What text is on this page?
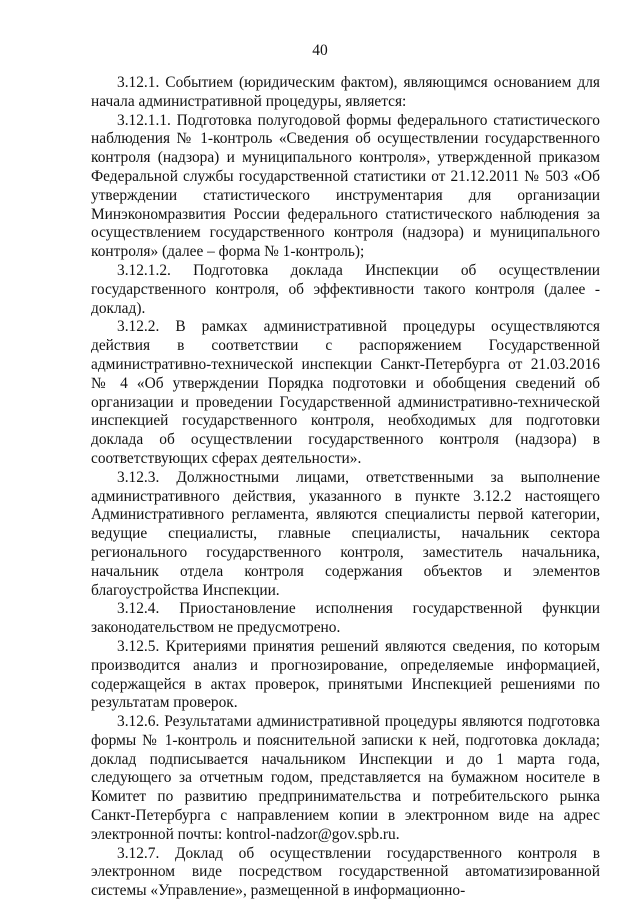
40

3.12.1. Событием (юридическим фактом), являющимся основанием для начала административной процедуры, является:

3.12.1.1. Подготовка полугодовой формы федерального статистического наблюдения № 1-контроль «Сведения об осуществлении государственного контроля (надзора) и муниципального контроля», утвержденной приказом Федеральной службы государственной статистики от 21.12.2011 № 503 «Об утверждении статистического инструментария для организации Минэкономразвития России федерального статистического наблюдения за осуществлением государственного контроля (надзора) и муниципального контроля» (далее – форма № 1-контроль);

3.12.1.2. Подготовка доклада Инспекции об осуществлении государственного контроля, об эффективности такого контроля (далее - доклад).

3.12.2. В рамках административной процедуры осуществляются действия в соответствии с распоряжением Государственной административно-технической инспекции Санкт-Петербурга от 21.03.2016 № 4 «Об утверждении Порядка подготовки и обобщения сведений об организации и проведении Государственной административно-технической инспекцией государственного контроля, необходимых для подготовки доклада об осуществлении государственного контроля (надзора) в соответствующих сферах деятельности».

3.12.3. Должностными лицами, ответственными за выполнение административного действия, указанного в пункте 3.12.2 настоящего Административного регламента, являются специалисты первой категории, ведущие специалисты, главные специалисты, начальник сектора регионального государственного контроля, заместитель начальника, начальник отдела контроля содержания объектов и элементов благоустройства Инспекции.

3.12.4. Приостановление исполнения государственной функции законодательством не предусмотрено.

3.12.5. Критериями принятия решений являются сведения, по которым производится анализ и прогнозирование, определяемые информацией, содержащейся в актах проверок, принятыми Инспекцией решениями по результатам проверок.

3.12.6. Результатами административной процедуры являются подготовка формы № 1-контроль и пояснительной записки к ней, подготовка доклада; доклад подписывается начальником Инспекции и до 1 марта года, следующего за отчетным годом, представляется на бумажном носителе в Комитет по развитию предпринимательства и потребительского рынка Санкт-Петербурга с направлением копии в электронном виде на адрес электронной почты: kontrol-nadzor@gov.spb.ru.

3.12.7. Доклад об осуществлении государственного контроля в электронном виде посредством государственной автоматизированной системы «Управление», размещенной в информационно-
